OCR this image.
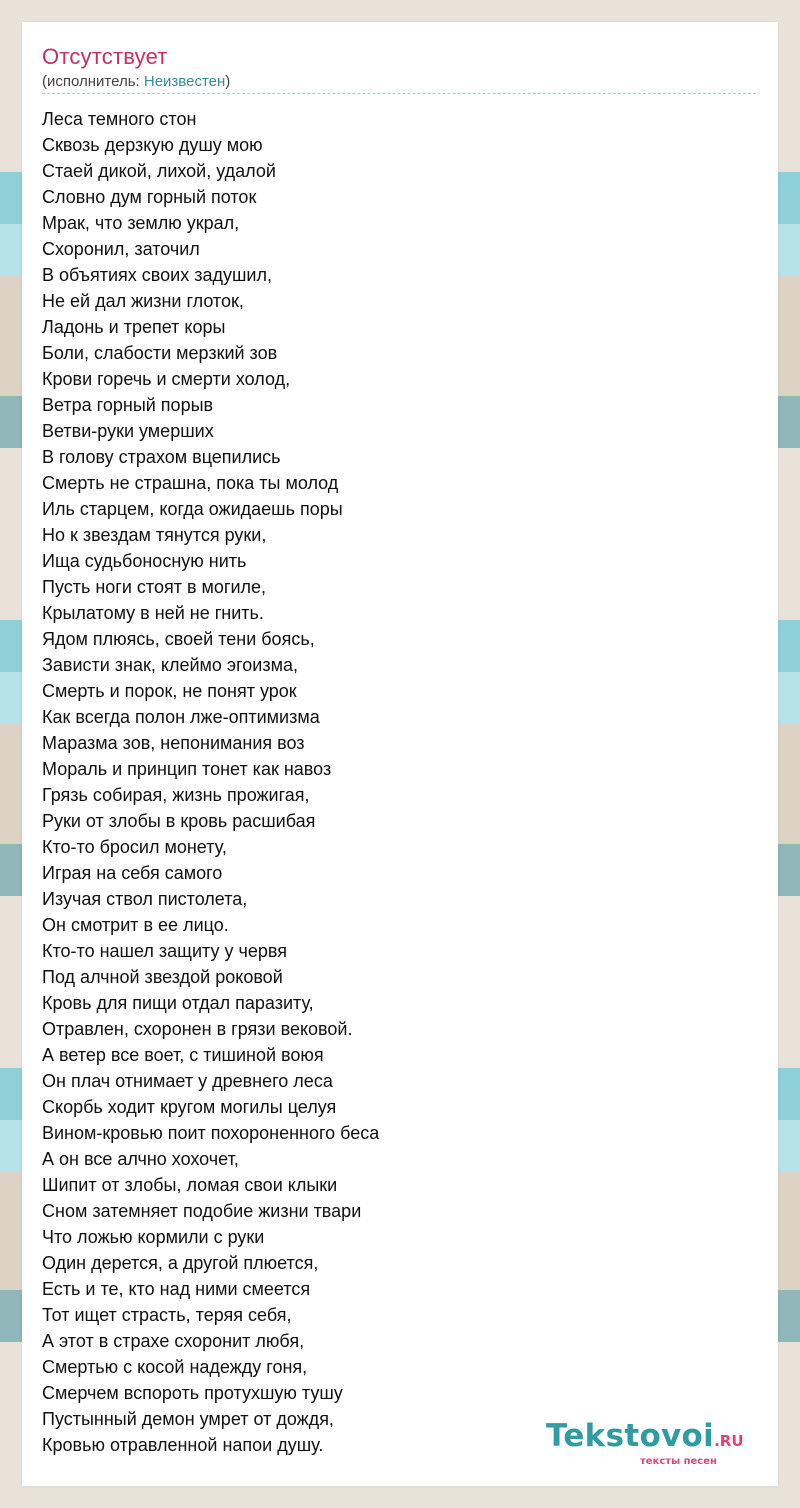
Отсутствует
(исполнитель: Неизвестен)
Леса темного стон
Сквозь дерзкую душу мою
Стаей дикой, лихой, удалой
Словно дум горный поток
Мрак, что землю украл,
Схоронил, заточил
В объятиях своих задушил,
Не ей дал жизни глоток,
Ладонь и трепет коры
Боли, слабости мерзкий зов
Крови горечь и смерти холод,
Ветра горный порыв
Ветви-руки умерших
В голову страхом вцепились
Смерть не страшна, пока ты молод
Иль старцем, когда ожидаешь поры
Но к звездам тянутся руки,
Ища судьбоносную нить
Пусть ноги стоят в могиле,
Крылатому в ней не гнить.
Ядом плюясь, своей тени боясь,
Зависти знак, клеймо эгоизма,
Смерть и порок, не понят урок
Как всегда полон лже-оптимизма
Маразма зов, непонимания воз
Мораль и принцип тонет как навоз
Грязь собирая, жизнь прожигая,
Руки от злобы в кровь расшибая
Кто-то бросил монету,
Играя на себя самого
Изучая ствол пистолета,
Он смотрит в ее лицо.
Кто-то нашел защиту у червя
Под алчной звездой роковой
Кровь для пищи отдал паразиту,
Отравлен, схоронен в грязи вековой.
А ветер все воет, с тишиной воюя
Он плач отнимает у древнего леса
Скорбь ходит кругом могилы целуя
Вином-кровью поит похороненного беса
А он все алчно хохочет,
Шипит от злобы, ломая свои клыки
Сном затемняет подобие жизни твари
Что ложью кормили с руки
Один дерется, а другой плюется,
Есть и те, кто над ними смеется
Тот ищет страсть, теряя себя,
А этот в страхе схоронит любя,
Смертью с косой надежду гоня,
Смерчем вспороть протухшую тушу
Пустынный демон умрет от дождя,
Кровью отравленной напои душу.	Tekstovoi.RU
тексты песен
